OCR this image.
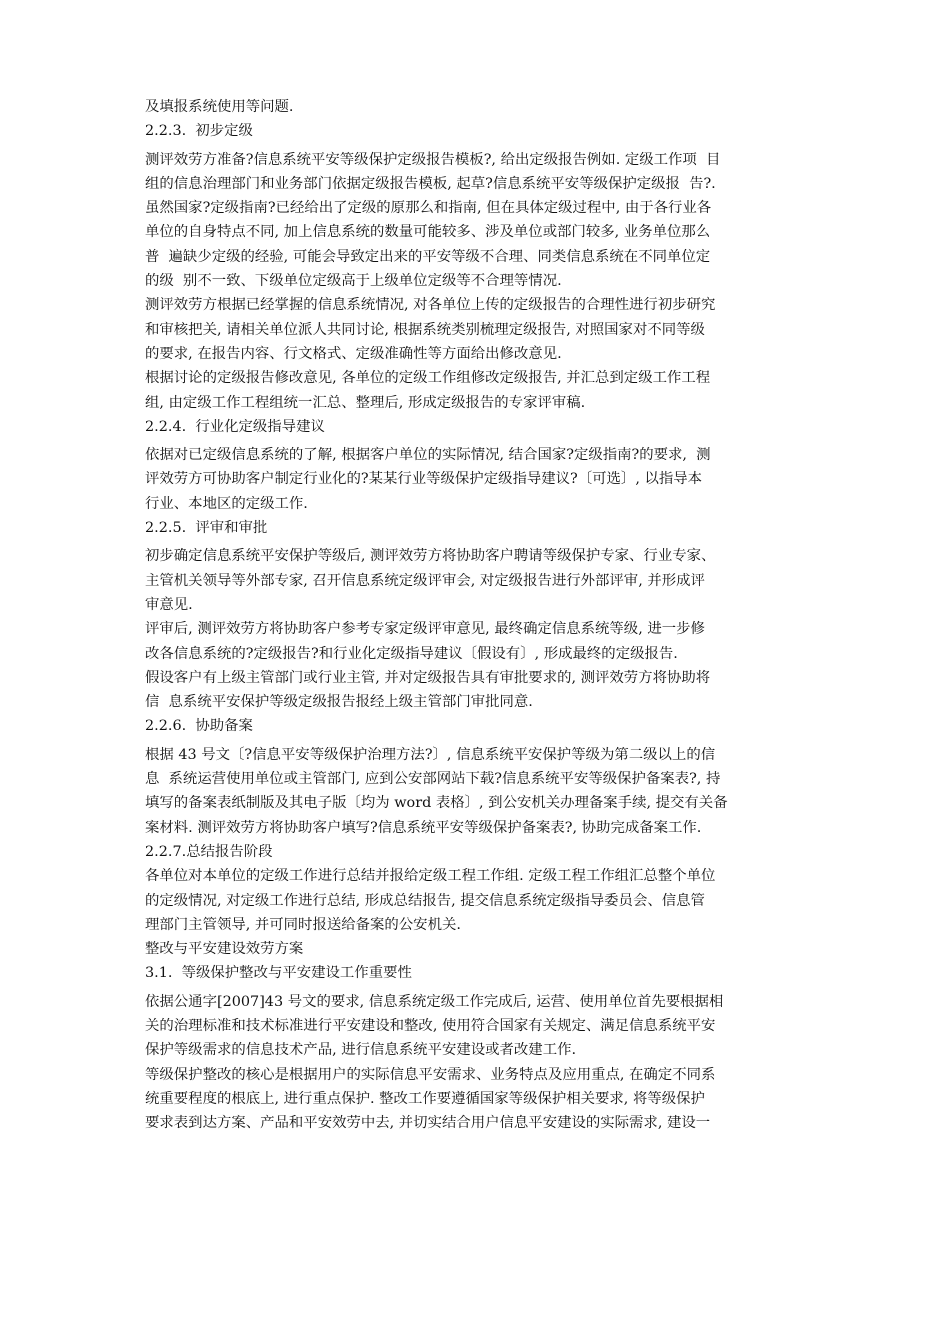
及填报系统使用等问题.
2.2.3.  初步定级
测评效劳方准备?信息系统平安等级保护定级报告模板?, 给出定级报告例如. 定级工作项  目
组的信息治理部门和业务部门依据定级报告模板, 起草?信息系统平安等级保护定级报  告?.
虽然国家?定级指南?已经给出了定级的原那么和指南, 但在具体定级过程中, 由于各行业各
单位的自身特点不同, 加上信息系统的数量可能较多、涉及单位或部门较多, 业务单位那么
普  遍缺少定级的经验, 可能会导致定出来的平安等级不合理、同类信息系统在不同单位定
的级  别不一致、下级单位定级高于上级单位定级等不合理等情况.
测评效劳方根据已经掌握的信息系统情况, 对各单位上传的定级报告的合理性进行初步研究
和审核把关, 请相关单位派人共同讨论, 根据系统类别梳理定级报告, 对照国家对不同等级
的要求, 在报告内容、行文格式、定级准确性等方面给出修改意见.
根据讨论的定级报告修改意见, 各单位的定级工作组修改定级报告, 并汇总到定级工作工程
组, 由定级工作工程组统一汇总、整理后, 形成定级报告的专家评审稿.
2.2.4.  行业化定级指导建议
依据对已定级信息系统的了解, 根据客户单位的实际情况, 结合国家?定级指南?的要求,  测
评效劳方可协助客户制定行业化的?某某行业等级保护定级指导建议?〔可选〕, 以指导本
行业、本地区的定级工作.
2.2.5.  评审和审批
初步确定信息系统平安保护等级后, 测评效劳方将协助客户聘请等级保护专家、行业专家、
主管机关领导等外部专家, 召开信息系统定级评审会, 对定级报告进行外部评审, 并形成评
审意见.
评审后, 测评效劳方将协助客户参考专家定级评审意见, 最终确定信息系统等级, 进一步修
改各信息系统的?定级报告?和行业化定级指导建议〔假设有〕, 形成最终的定级报告.
假设客户有上级主管部门或行业主管, 并对定级报告具有审批要求的, 测评效劳方将协助将
信  息系统平安保护等级定级报告报经上级主管部门审批同意.
2.2.6.  协助备案
根据 43 号文〔?信息平安等级保护治理方法?〕, 信息系统平安保护等级为第二级以上的信
息  系统运营使用单位或主管部门, 应到公安部网站下载?信息系统平安等级保护备案表?, 持
填写的备案表纸制版及其电子版〔均为 word 表格〕, 到公安机关办理备案手续, 提交有关备
案材料. 测评效劳方将协助客户填写?信息系统平安等级保护备案表?, 协助完成备案工作.
2.2.7.总结报告阶段
各单位对本单位的定级工作进行总结并报给定级工程工作组. 定级工程工作组汇总整个单位
的定级情况, 对定级工作进行总结, 形成总结报告, 提交信息系统定级指导委员会、信息管
理部门主管领导, 并可同时报送给备案的公安机关.
整改与平安建设效劳方案
3.1.  等级保护整改与平安建设工作重要性
依据公通字[2007]43 号文的要求, 信息系统定级工作完成后, 运营、使用单位首先要根据相
关的治理标准和技术标准进行平安建设和整改, 使用符合国家有关规定、满足信息系统平安
保护等级需求的信息技术产品, 进行信息系统平安建设或者改建工作.
等级保护整改的核心是根据用户的实际信息平安需求、业务特点及应用重点, 在确定不同系
统重要程度的根底上, 进行重点保护. 整改工作要遵循国家等级保护相关要求, 将等级保护
要求表到达方案、产品和平安效劳中去, 并切实结合用户信息平安建设的实际需求, 建设一
